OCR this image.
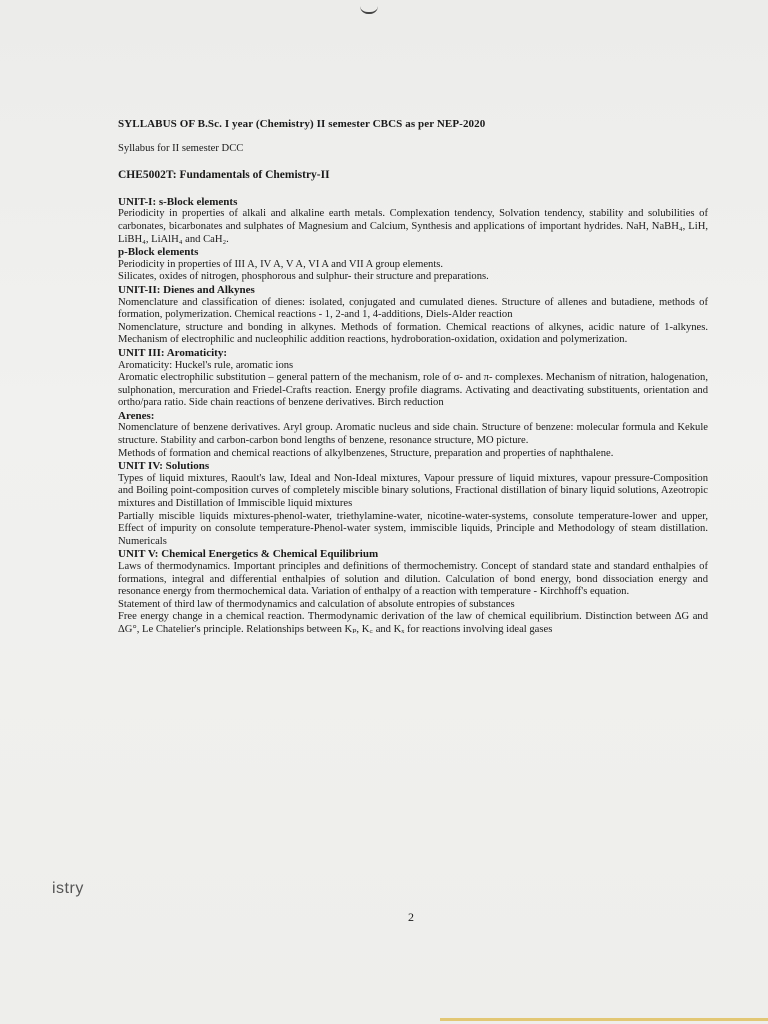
SYLLABUS OF B.Sc. I year (Chemistry) II semester CBCS as per NEP-2020
Syllabus for II semester DCC
CHE5002T: Fundamentals of Chemistry-II
UNIT-I: s-Block elements

Periodicity in properties of alkali and alkaline earth metals. Complexation tendency, Solvation tendency, stability and solubilities of carbonates, bicarbonates and sulphates of Magnesium and Calcium, Synthesis and applications of important hydrides. NaH, NaBH₄, LiH, LiBH₄, LiAlH₄ and CaH₂.

p-Block elements

Periodicity in properties of III A, IV A, V A, VI A and VII A group elements.

Silicates, oxides of nitrogen, phosphorous and sulphur- their structure and preparations.

UNIT-II: Dienes and Alkynes

Nomenclature and classification of dienes: isolated, conjugated and cumulated dienes. Structure of allenes and butadiene, methods of formation, polymerization. Chemical reactions - 1, 2-and 1, 4-additions, Diels-Alder reaction

Nomenclature, structure and bonding in alkynes. Methods of formation. Chemical reactions of alkynes, acidic nature of 1-alkynes. Mechanism of electrophilic and nucleophilic addition reactions, hydroboration-oxidation, oxidation and polymerization.

UNIT III: Aromaticity:

Aromaticity: Huckel's rule, aromatic ions

Aromatic electrophilic substitution – general pattern of the mechanism, role of σ- and π- complexes. Mechanism of nitration, halogenation, sulphonation, mercuration and Friedel-Crafts reaction. Energy profile diagrams. Activating and deactivating substituents, orientation and ortho/para ratio. Side chain reactions of benzene derivatives. Birch reduction

Arenes:

Nomenclature of benzene derivatives. Aryl group. Aromatic nucleus and side chain. Structure of benzene: molecular formula and Kekule structure. Stability and carbon-carbon bond lengths of benzene, resonance structure, MO picture.

Methods of formation and chemical reactions of alkylbenzenes, Structure, preparation and properties of naphthalene.

UNIT IV: Solutions

Types of liquid mixtures, Raoult's law, Ideal and Non-Ideal mixtures, Vapour pressure of liquid mixtures, vapour pressure-Composition and Boiling point-composition curves of completely miscible binary solutions, Fractional distillation of binary liquid solutions, Azeotropic mixtures and Distillation of Immiscible liquid mixtures

Partially miscible liquids mixtures-phenol-water, triethylamine-water, nicotine-water-systems, consolute temperature-lower and upper, Effect of impurity on consolute temperature-Phenol-water system, immiscible liquids, Principle and Methodology of steam distillation. Numericals

UNIT V: Chemical Energetics & Chemical Equilibrium

Laws of thermodynamics. Important principles and definitions of thermochemistry. Concept of standard state and standard enthalpies of formations, integral and differential enthalpies of solution and dilution. Calculation of bond energy, bond dissociation energy and resonance energy from thermochemical data. Variation of enthalpy of a reaction with temperature - Kirchhoff's equation.

Statement of third law of thermodynamics and calculation of absolute entropies of substances

Free energy change in a chemical reaction. Thermodynamic derivation of the law of chemical equilibrium. Distinction between ΔG and ΔG°, Le Chatelier's principle. Relationships between Kₚ, K꜀ and Kₓ for reactions involving ideal gases

istry
2
